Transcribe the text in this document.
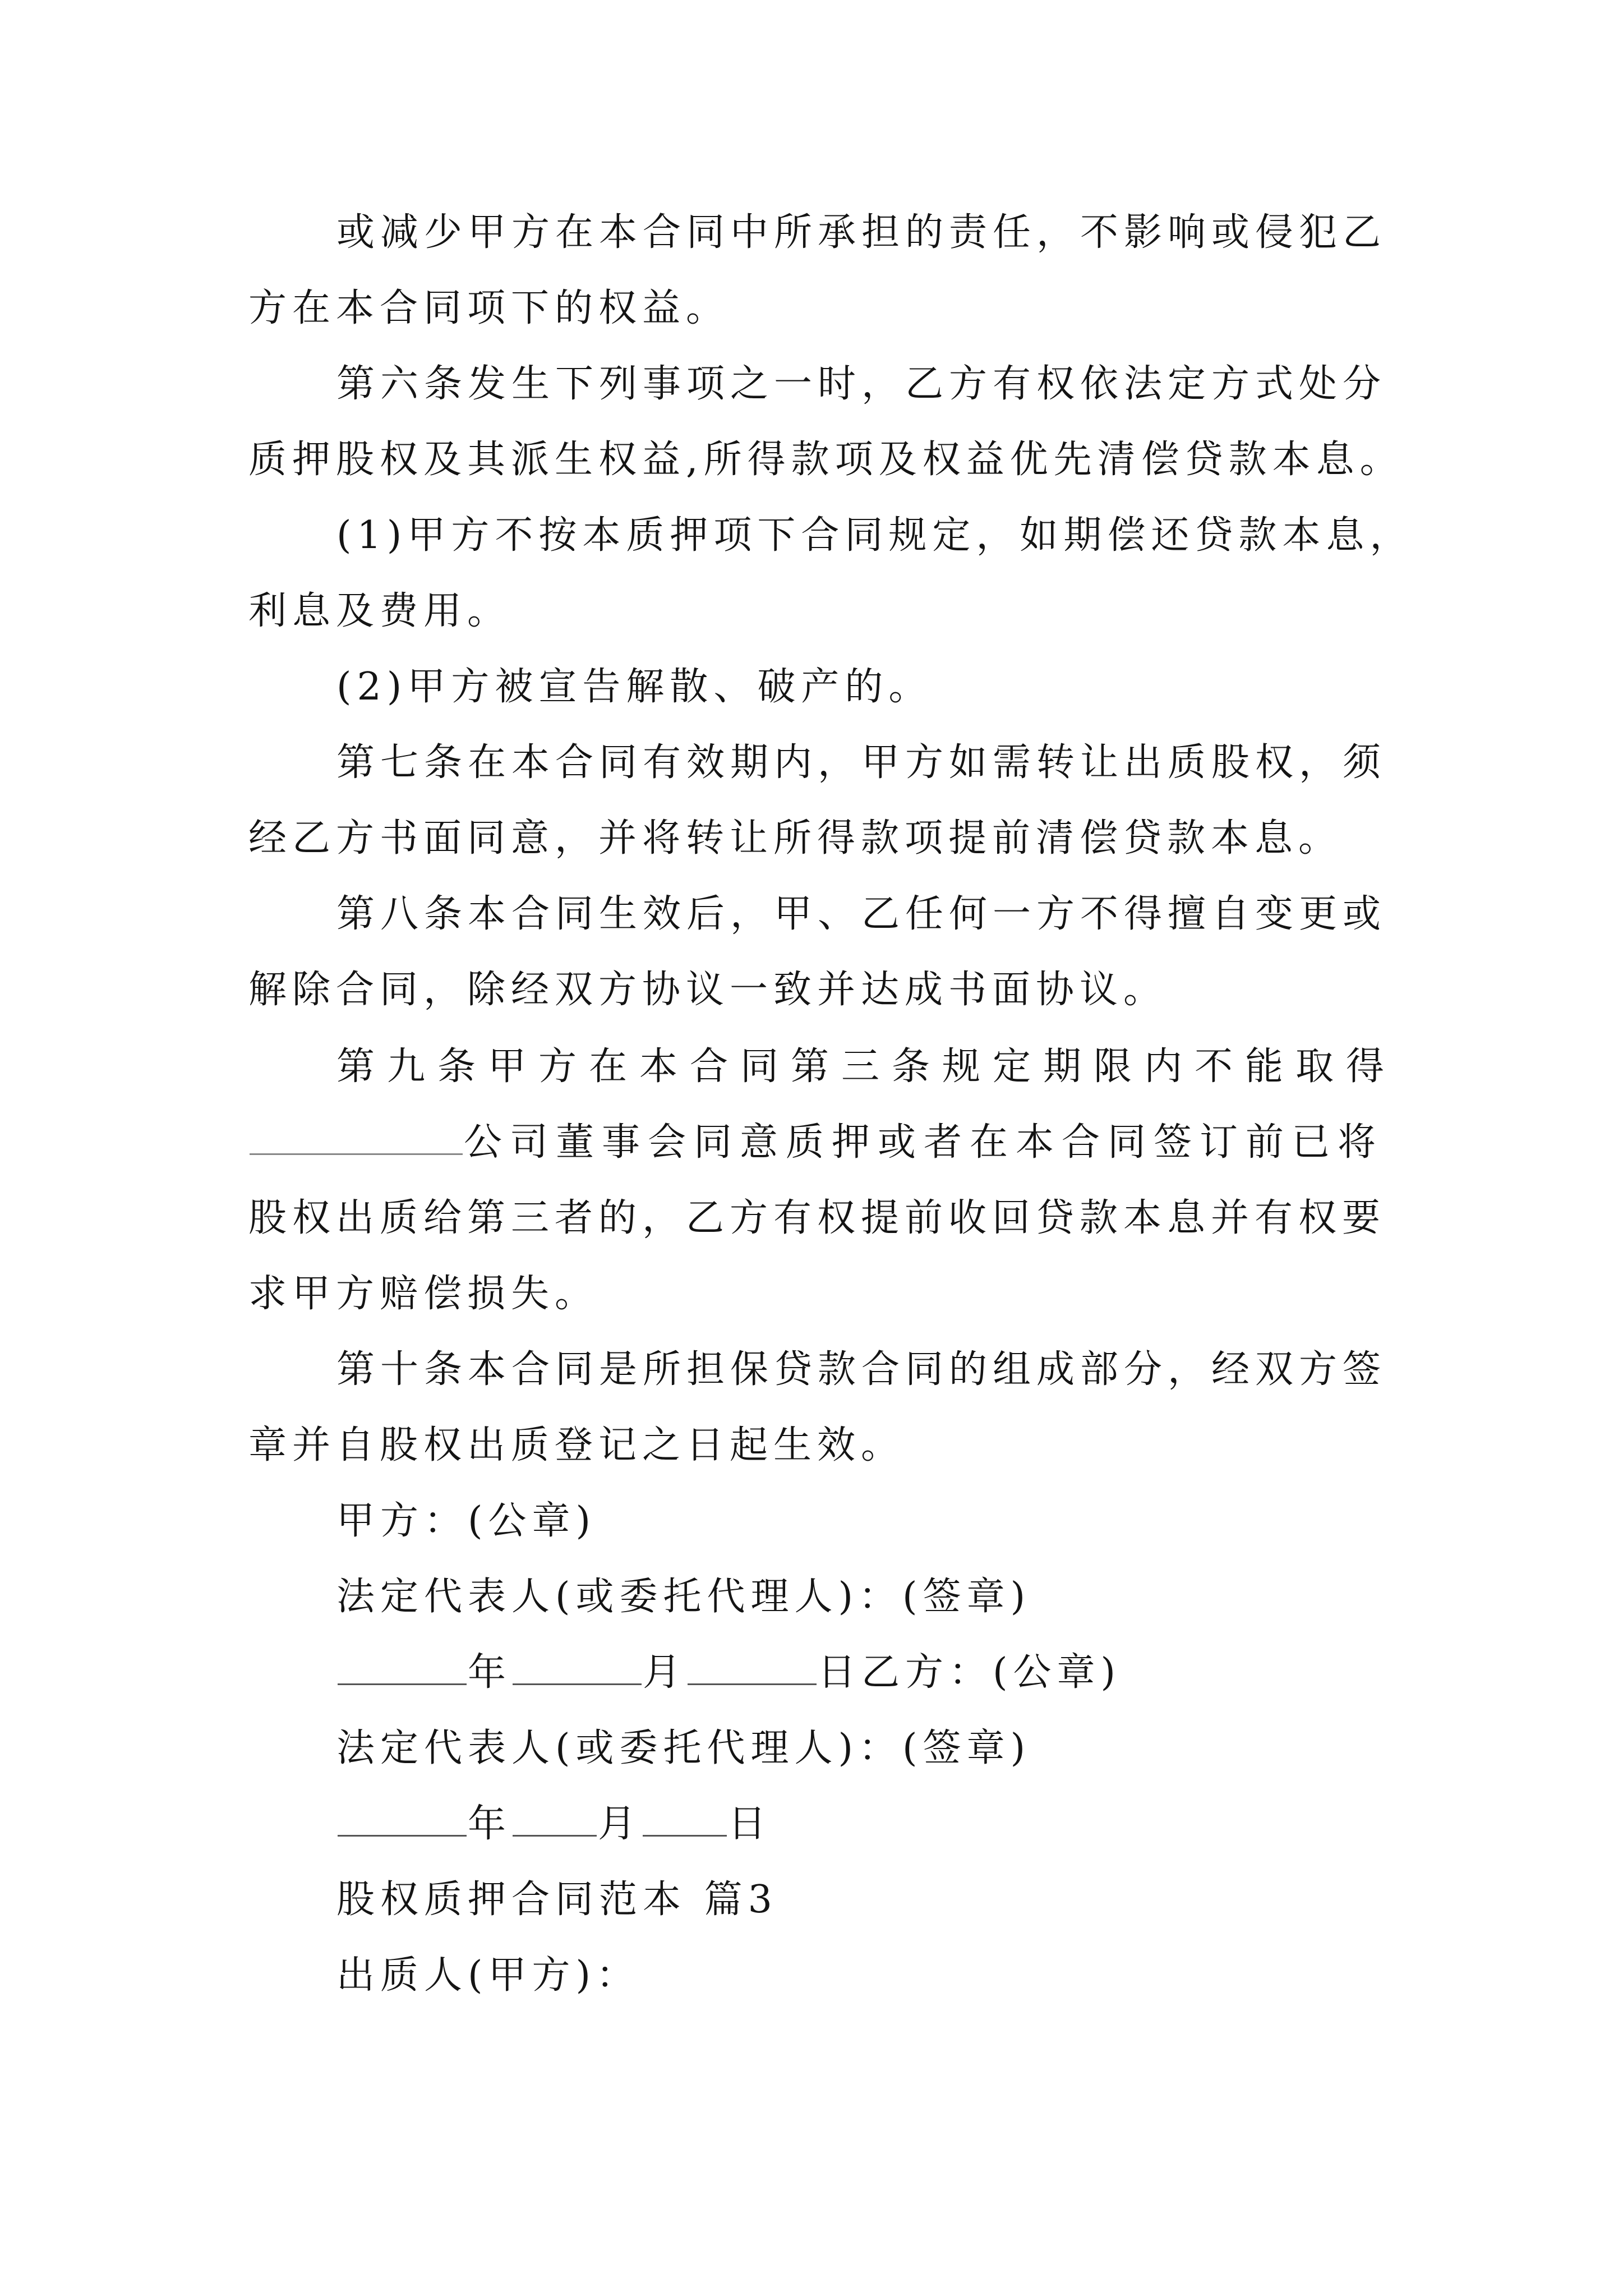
或减少甲方在本合同中所承担的责任，不影响或侵犯乙
方在本合同项下的权益。
第六条发生下列事项之一时，乙方有权依法定方式处分
质押股权及其派生权益,所得款项及权益优先清偿贷款本息。
(1)甲方不按本质押项下合同规定，如期偿还贷款本息，
利息及费用。
(2)甲方被宣告解散、破产的。
第七条在本合同有效期内，甲方如需转让出质股权，须
经乙方书面同意，并将转让所得款项提前清偿贷款本息。
第八条本合同生效后，甲、乙任何一方不得擅自变更或
解除合同，除经双方协议一致并达成书面协议。
第九条甲方在本合同第三条规定期限内不能取得
公司董事会同意质押或者在本合同签订前已将
股权出质给第三者的，乙方有权提前收回贷款本息并有权要
求甲方赔偿损失。
第十条本合同是所担保贷款合同的组成部分，经双方签
章并自股权出质登记之日起生效。
甲方：(公章)
法定代表人(或委托代理人)：(签章)
年	月	日乙方：(公章)
法定代表人(或委托代理人)：(签章)
年 月 日
股权质押合同范本 篇3
出质人(甲方)：
